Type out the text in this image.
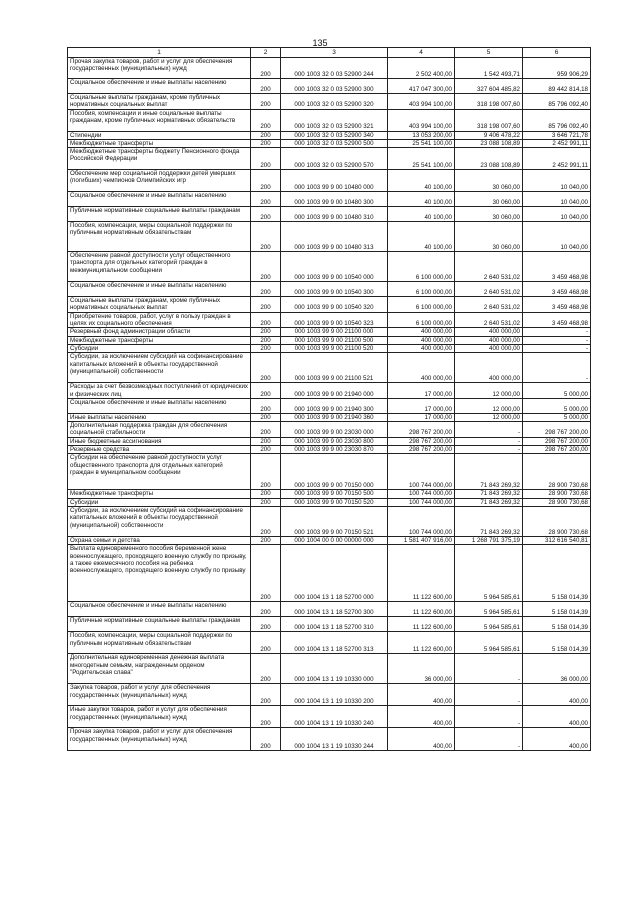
135
1	2	3	4	5	6
Прочая закупка товаров, работ и услуг для обеспечения государственных (муниципальных) нужд	200	000 1003 32 0 03 52900 244	2 502 400,00	1 542 493,71	959 906,29
Социальное обеспечение и иные выплаты населению	200	000 1003 32 0 03 52900 300	417 047 300,00	327 604 485,82	89 442 814,18
Социальные выплаты гражданам, кроме публичных нормативных социальных выплат	200	000 1003 32 0 03 52900 320	403 994 100,00	318 198 007,60	85 796 092,40
Пособия, компенсации и иные социальные выплаты гражданам, кроме публичных нормативных обязательств	200	000 1003 32 0 03 52900 321	403 994 100,00	318 198 007,60	85 796 092,40
Стипендии	200	000 1003 32 0 03 52900 340	13 053 200,00	9 406 478,22	3 646 721,78
Межбюджетные трансферты	200	000 1003 32 0 03 52900 500	25 541 100,00	23 088 108,89	2 452 991,11
Межбюджетные трансферты бюджету Пенсионного фонда Российской Федерации	200	000 1003 32 0 03 52900 570	25 541 100,00	23 088 108,89	2 452 991,11
Обеспечение мер социальной поддержки детей умерших (погибших) чемпионов Олимпийских игр	200	000 1003 99 9 00 10480 000	40 100,00	30 060,00	10 040,00
Социальное обеспечение и иные выплаты населению	200	000 1003 99 9 00 10480 300	40 100,00	30 060,00	10 040,00
Публичные нормативные социальные выплаты гражданам	200	000 1003 99 9 00 10480 310	40 100,00	30 060,00	10 040,00
Пособия, компенсации, меры социальной поддержки по публичным нормативным обязательствам	200	000 1003 99 9 00 10480 313	40 100,00	30 060,00	10 040,00
Обеспечение равной доступности услуг общественного транспорта для отдельных категорий граждан в межмуниципальном сообщении	200	000 1003 99 9 00 10540 000	6 100 000,00	2 640 531,02	3 459 468,98
Социальное обеспечение и иные выплаты населению	200	000 1003 99 9 00 10540 300	6 100 000,00	2 640 531,02	3 459 468,98
Социальные выплаты гражданам, кроме публичных нормативных социальных выплат	200	000 1003 99 9 00 10540 320	6 100 000,00	2 640 531,02	3 459 468,98
Приобретение товаров, работ, услуг в пользу граждан в целях их социального обеспечения	200	000 1003 99 9 00 10540 323	6 100 000,00	2 640 531,02	3 459 468,98
Резервный фонд администрации области	200	000 1003 99 9 00 21100 000	400 000,00	400 000,00	-
Межбюджетные трансферты	200	000 1003 99 9 00 21100 500	400 000,00	400 000,00	-
Субсидии	200	000 1003 99 9 00 21100 520	400 000,00	400 000,00	-
Субсидии, за исключением субсидий на софинансирование капитальных вложений в объекты государственной (муниципальной) собственности	200	000 1003 99 9 00 21100 521	400 000,00	400 000,00	-
Расходы за счет безвозмездных поступлений от юридических и физических лиц	200	000 1003 99 9 00 21940 000	17 000,00	12 000,00	5 000,00
Социальное обеспечение и иные выплаты населению	200	000 1003 99 9 00 21940 300	17 000,00	12 000,00	5 000,00
Иные выплаты населению	200	000 1003 99 9 00 21940 360	17 000,00	12 000,00	5 000,00
Дополнительная поддержка граждан для обеспечения социальной стабильности	200	000 1003 99 9 00 23030 000	298 767 200,00	-	298 767 200,00
Иные бюджетные ассигнования	200	000 1003 99 9 00 23030 800	298 767 200,00	-	298 767 200,00
Резервные средства	200	000 1003 99 9 00 23030 870	298 767 200,00	-	298 767 200,00
Субсидии на обеспечение равной доступности услуг общественного транспорта для отдельных категорий граждан в муниципальном сообщении	200	000 1003 99 9 00 70150 000	100 744 000,00	71 843 269,32	28 900 730,68
Межбюджетные трансферты	200	000 1003 99 9 00 70150 500	100 744 000,00	71 843 269,32	28 900 730,68
Субсидии	200	000 1003 99 9 00 70150 520	100 744 000,00	71 843 269,32	28 900 730,68
Субсидии, за исключением субсидий на софинансирование капитальных вложений в объекты государственной (муниципальной) собственности	200	000 1003 99 9 00 70150 521	100 744 000,00	71 843 269,32	28 900 730,68
Охрана семьи и детства	200	000 1004 00 0 00 00000 000	1 581 407 916,00	1 268 791 375,19	312 616 540,81
Выплата единовременного пособия беременной жене военнослужащего, проходящего военную службу по призыву, а также ежемесячного пособия на ребенка военнослужащего, проходящего военную службу по призыву	200	000 1004 13 1 18 52700 000	11 122 600,00	5 964 585,61	5 158 014,39
Социальное обеспечение и иные выплаты населению	200	000 1004 13 1 18 52700 300	11 122 600,00	5 964 585,61	5 158 014,39
Публичные нормативные социальные выплаты гражданам	200	000 1004 13 1 18 52700 310	11 122 600,00	5 964 585,61	5 158 014,39
Пособия, компенсации, меры социальной поддержки по публичным нормативным обязательствам	200	000 1004 13 1 18 52700 313	11 122 600,00	5 964 585,61	5 158 014,39
Дополнительная единовременная денежная выплата многодетным семьям, награжденным орденом "Родительская слава"	200	000 1004 13 1 19 10330 000	36 000,00	-	36 000,00
Закупка товаров, работ и услуг для обеспечения государственных (муниципальных) нужд	200	000 1004 13 1 19 10330 200	400,00	-	400,00
Иные закупки товаров, работ и услуг для обеспечения государственных (муниципальных) нужд	200	000 1004 13 1 19 10330 240	400,00	-	400,00
Прочая закупка товаров, работ и услуг для обеспечения государственных (муниципальных) нужд	200	000 1004 13 1 19 10330 244	400,00	-	400,00
